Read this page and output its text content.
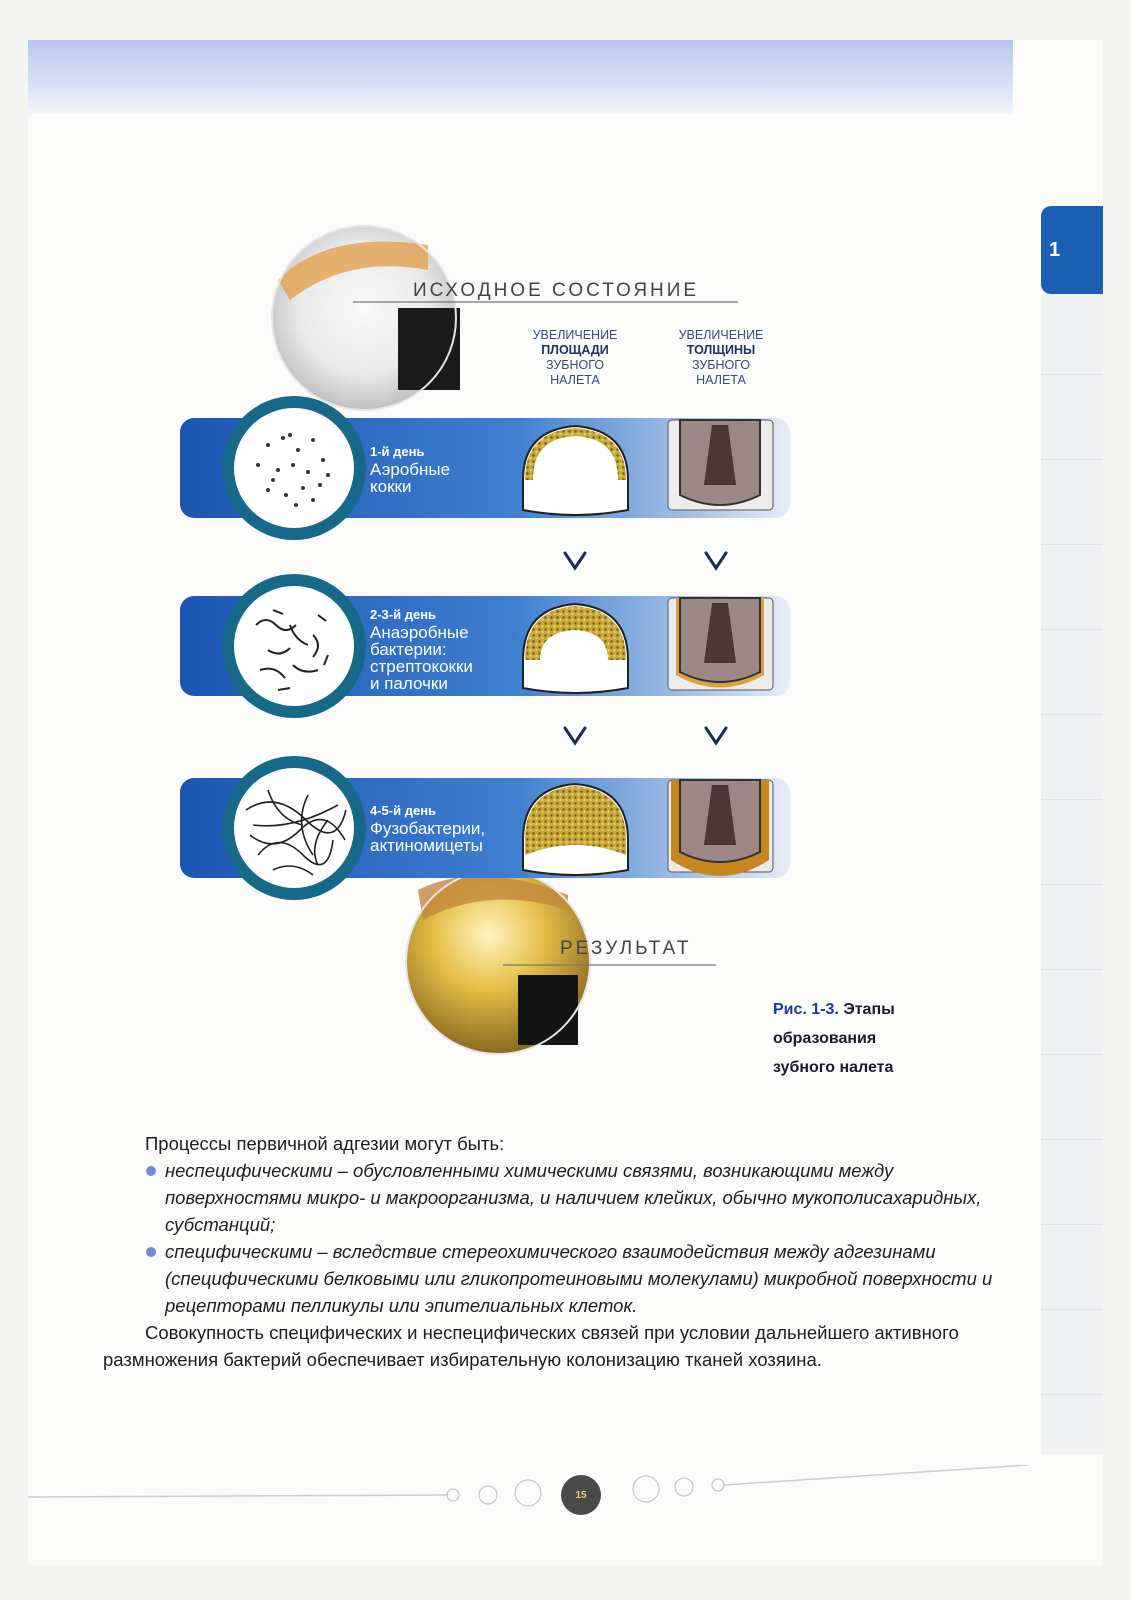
1
ИСХОДНОЕ СОСТОЯНИЕ
РЕЗУЛЬТАТ
УВЕЛИЧЕНИЕ
ПЛОЩАДИ
ЗУБНОГО
НАЛЕТА
УВЕЛИЧЕНИЕ
ТОЛЩИНЫ
ЗУБНОГО
НАЛЕТА
1-й день
Аэробные
кокки
2-3-й день
Анаэробные
бактерии:
стрептококки
и палочки
4-5-й день
Фузобактерии,
актиномицеты
Рис. 1-3. Этапы
образования
зубного налета

Процессы первичной адгезии могут быть:

неспецифическими – обусловленными химическими связями, возникающими между поверхностями микро- и макроорганизма, и наличием клейких, обычно мукополисахаридных, субстанций;

специфическими – вследствие стереохимического взаимодействия между адгезинами (специфическими белковыми или гликопротеиновыми молекулами) микробной поверхности и рецепторами пелликулы или эпителиальных клеток.

Совокупность специфических и неспецифических связей при условии дальнейшего активного размножения бактерий обеспечивает избирательную колонизацию тканей хозяина.

15
